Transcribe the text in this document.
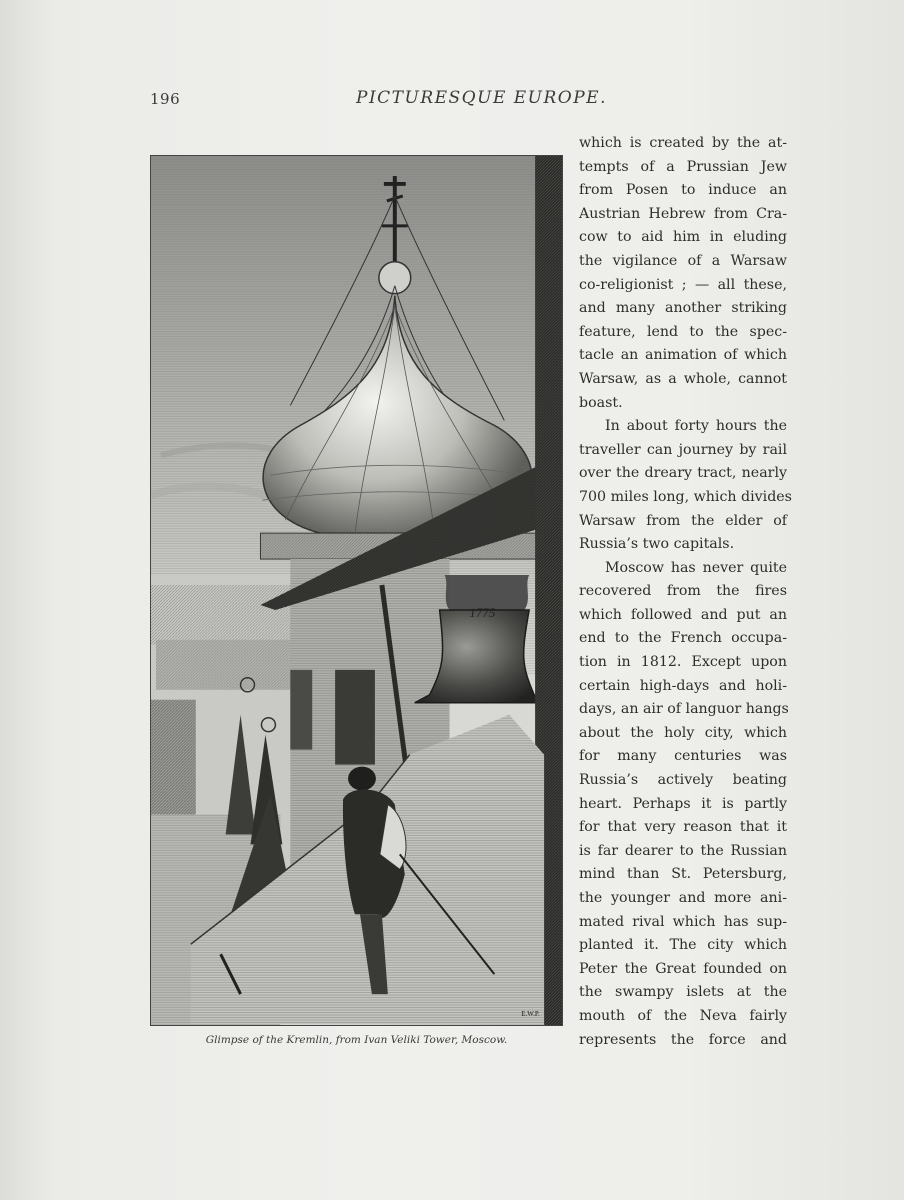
196	PICTURESQUE EUROPE.
1775
E.W.P.
Glimpse of the Kremlin, from Ivan Veliki Tower, Moscow.
which is created by the at-
tempts of a Prussian Jew
from Posen to induce an
Austrian Hebrew from Cra-
cow to aid him in eluding
the vigilance of a Warsaw
co-religionist ; — all these,
and many another striking
feature, lend to the spec-
tacle an animation of which
Warsaw, as a whole, cannot
boast.
In about forty hours the
traveller can journey by rail
over the dreary tract, nearly
700 miles long, which divides
Warsaw from the elder of
Russia’s two capitals.
Moscow has never quite
recovered from the fires
which followed and put an
end to the French occupa-
tion in 1812. Except upon
certain high-days and holi-
days, an air of languor hangs
about the holy city, which
for many centuries was
Russia’s actively beating
heart. Perhaps it is partly
for that very reason that it
is far dearer to the Russian
mind than St. Petersburg,
the younger and more ani-
mated rival which has sup-
planted it. The city which
Peter the Great founded on
the swampy islets at the
mouth of the Neva fairly
represents the force and
